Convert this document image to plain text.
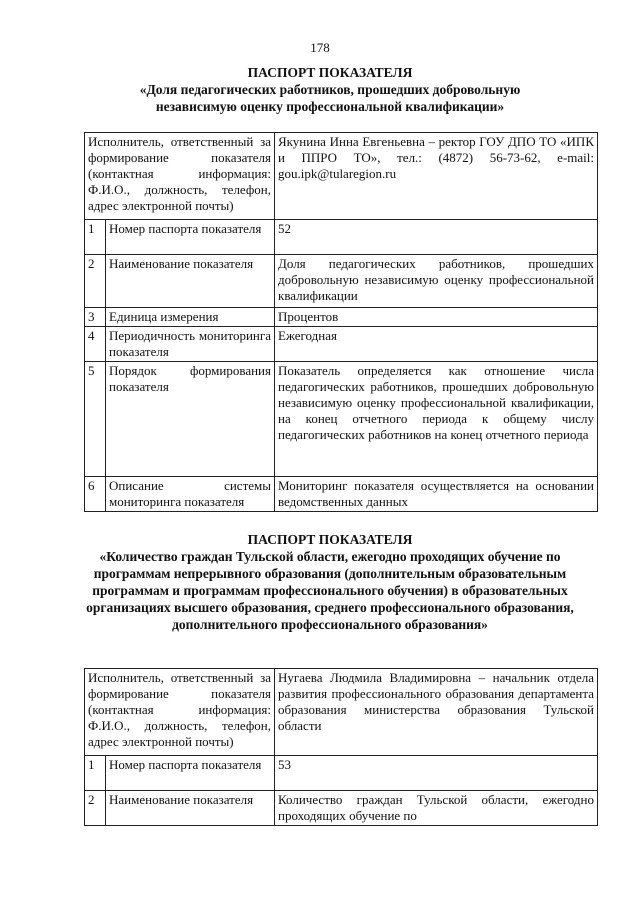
178
ПАСПОРТ ПОКАЗАТЕЛЯ
«Доля педагогических работников, прошедших добровольную независимую оценку профессиональной квалификации»
Исполнитель, ответственный за формирование показателя (контактная информация: Ф.И.О., должность, телефон, адрес электронной почты)		Якунина Инна Евгеньевна – ректор ГОУ ДПО ТО «ИПК и ППРО ТО», тел.: (4872) 56-73-62, e-mail: gou.ipk@tularegion.ru
1	Номер паспорта показателя	52
2	Наименование показателя	Доля педагогических работников, прошедших добровольную независимую оценку профессиональной квалификации
3	Единица измерения	Процентов
4	Периодичность мониторинга показателя	Ежегодная
5	Порядок формирования показателя	Показатель определяется как отношение числа педагогических работников, прошедших добровольную независимую оценку профессиональной квалификации, на конец отчетного периода к общему числу педагогических работников на конец отчетного периода
6	Описание системы мониторинга показателя	Мониторинг показателя осуществляется на основании ведомственных данных
ПАСПОРТ ПОКАЗАТЕЛЯ
«Количество граждан Тульской области, ежегодно проходящих обучение по программам непрерывного образования (дополнительным образовательным программам и программам профессионального обучения) в образовательных организациях высшего образования, среднего профессионального образования, дополнительного профессионального образования»
Исполнитель, ответственный за формирование показателя (контактная информация: Ф.И.О., должность, телефон, адрес электронной почты)		Нугаева Людмила Владимировна – начальник отдела развития профессионального образования департамента образования министерства образования Тульской области
1	Номер паспорта показателя	53
2	Наименование показателя	Количество граждан Тульской области, ежегодно проходящих обучение по
